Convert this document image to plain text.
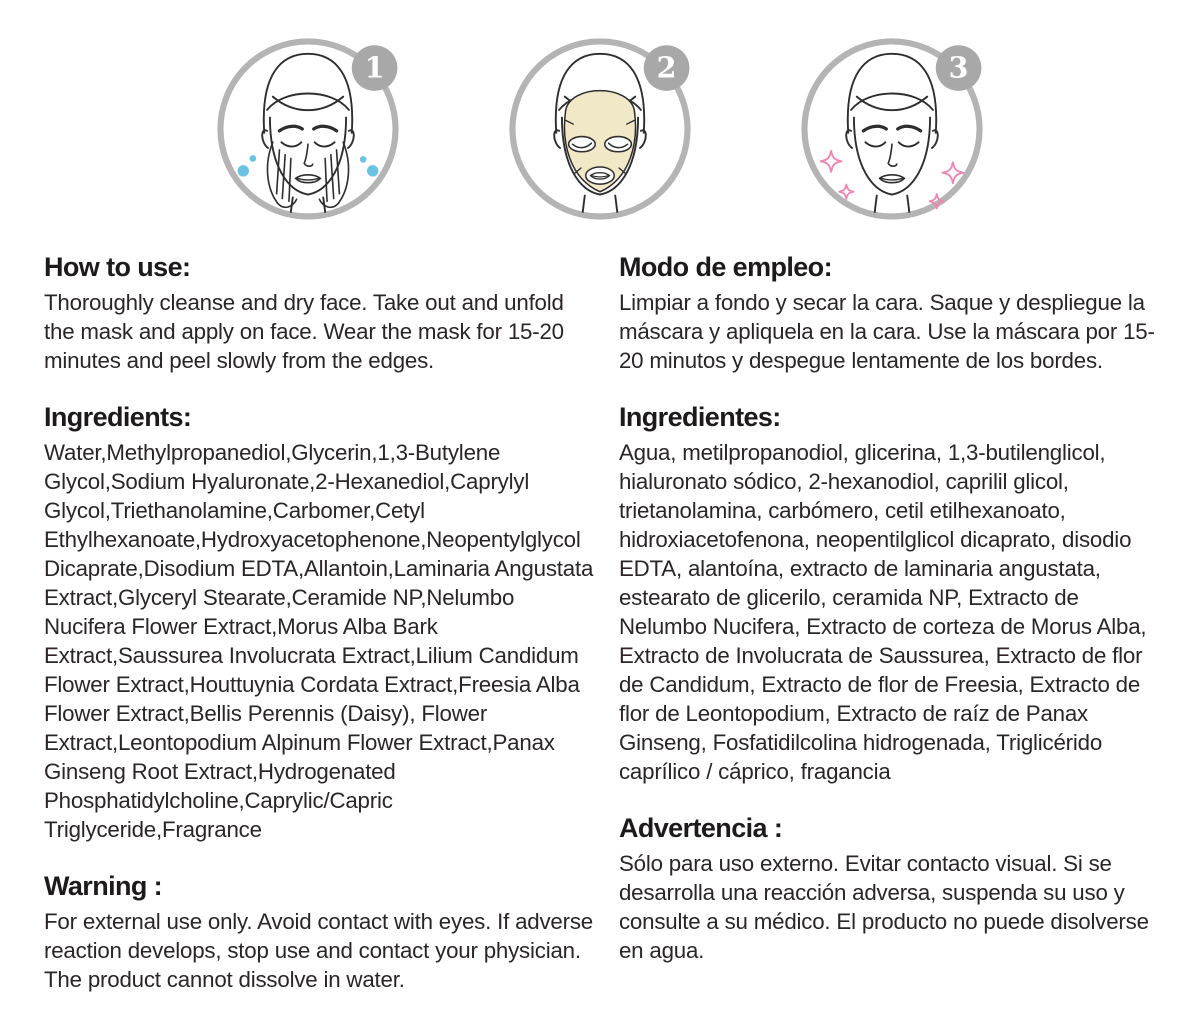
1	2	3
How to use:

Thoroughly cleanse and dry face. Take out and unfold the mask and apply on face. Wear the mask for 15-20 minutes and peel slowly from the edges.

Ingredients:

Water,Methylpropanediol,Glycerin,1,3-Butylene Glycol,Sodium Hyaluronate,2-Hexanediol,Caprylyl Glycol,Triethanolamine,Carbomer,Cetyl Ethylhexanoate,Hydroxyacetophenone,Neopentylglycol Dicaprate,Disodium EDTA,Allantoin,Laminaria Angustata Extract,Glyceryl Stearate,Ceramide NP,Nelumbo Nucifera Flower Extract,Morus Alba Bark Extract,Saussurea Involucrata Extract,Lilium Candidum Flower Extract,Houttuynia Cordata Extract,Freesia Alba Flower Extract,Bellis Perennis (Daisy), Flower Extract,Leontopodium Alpinum Flower Extract,Panax Ginseng Root Extract,Hydrogenated Phosphatidylcholine,Caprylic/Capric Triglyceride,Fragrance

Warning :

For external use only. Avoid contact with eyes. If adverse reaction develops, stop use and contact your physician. The product cannot dissolve in water.

Modo de empleo:

Limpiar a fondo y secar la cara. Saque y despliegue la máscara y apliquela en la cara. Use la máscara por 15-20 minutos y despegue lentamente de los bordes.

Ingredientes:

Agua, metilpropanodiol, glicerina, 1,3-butilenglicol, hialuronato sódico, 2-hexanodiol, caprilil glicol, trietanolamina, carbómero, cetil etilhexanoato, hidroxiacetofenona, neopentilglicol dicaprato, disodio EDTA, alantoína, extracto de laminaria angustata, estearato de glicerilo, ceramida NP, Extracto de Nelumbo Nucifera, Extracto de corteza de Morus Alba, Extracto de Involucrata de Saussurea, Extracto de flor de Candidum, Extracto de flor de Freesia, Extracto de flor de Leontopodium, Extracto de raíz de Panax Ginseng, Fosfatidilcolina hidrogenada, Triglicérido caprílico / cáprico, fragancia

Advertencia :

Sólo para uso externo. Evitar contacto visual. Si se desarrolla una reacción adversa, suspenda su uso y consulte a su médico. El producto no puede disolverse en agua.
